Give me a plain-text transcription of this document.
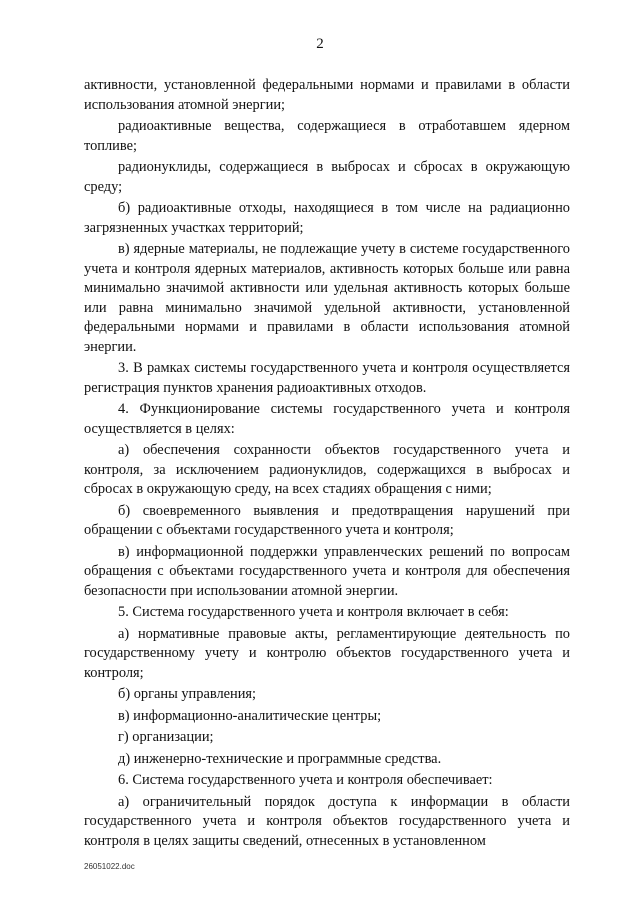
2

активности, установленной федеральными нормами и правилами в области использования атомной энергии;

радиоактивные вещества, содержащиеся в отработавшем ядерном топливе;

радионуклиды, содержащиеся в выбросах и сбросах в окружающую среду;

б) радиоактивные отходы, находящиеся в том числе на радиационно загрязненных участках территорий;

в) ядерные материалы, не подлежащие учету в системе государственного учета и контроля ядерных материалов, активность которых больше или равна минимально значимой активности или удельная активность которых больше или равна минимально значимой удельной активности, установленной федеральными нормами и правилами в области использования атомной энергии.

3. В рамках системы государственного учета и контроля осуществляется регистрация пунктов хранения радиоактивных отходов.

4. Функционирование системы государственного учета и контроля осуществляется в целях:

а) обеспечения сохранности объектов государственного учета и контроля, за исключением радионуклидов, содержащихся в выбросах и сбросах в окружающую среду, на всех стадиях обращения с ними;

б) своевременного выявления и предотвращения нарушений при обращении с объектами государственного учета и контроля;

в) информационной поддержки управленческих решений по вопросам обращения с объектами государственного учета и контроля для обеспечения безопасности при использовании атомной энергии.

5. Система государственного учета и контроля включает в себя:

а) нормативные правовые акты, регламентирующие деятельность по государственному учету и контролю объектов государственного учета и контроля;

б) органы управления;

в) информационно-аналитические центры;

г) организации;

д) инженерно-технические и программные средства.

6. Система государственного учета и контроля обеспечивает:

а) ограничительный порядок доступа к информации в области государственного учета и контроля объектов государственного учета и контроля в целях защиты сведений, отнесенных в установленном

26051022.doc
